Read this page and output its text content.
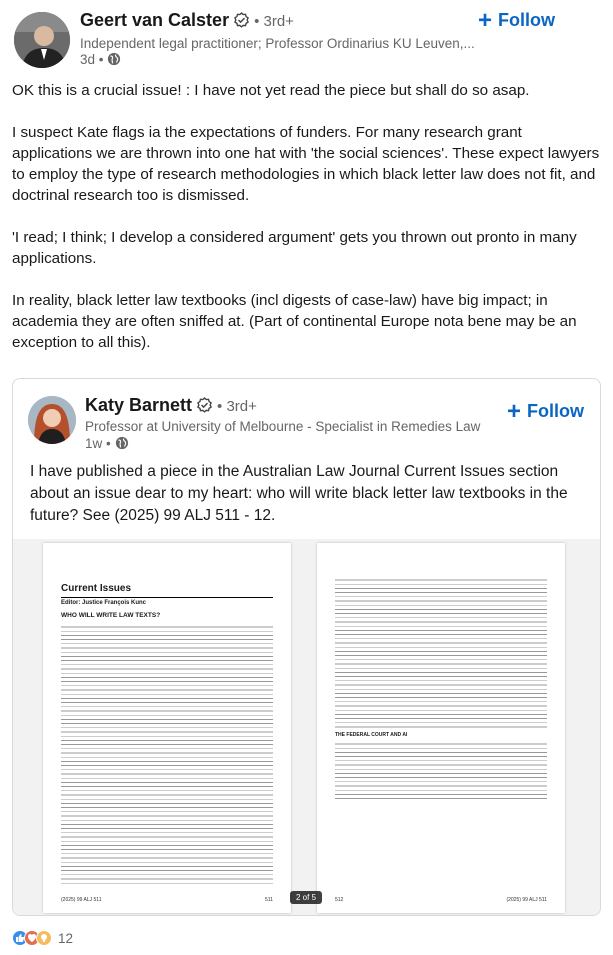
Geert van Calster • 3rd+
Independent legal practitioner; Professor Ordinarius KU Leuven,...
3d •
+ Follow

OK this is a crucial issue! : I have not yet read the piece but shall do so asap.

I suspect Kate flags ia the expectations of funders. For many research grant applications we are thrown into one hat with 'the social sciences'. These expect lawyers to employ the type of research methodologies in which black letter law does not fit, and doctrinal research too is dismissed.

'I read; I think; I develop a considered argument' gets you thrown out pronto in many applications.

In reality, black letter law textbooks (incl digests of case-law) have big impact; in academia they are often sniffed at. (Part of continental Europe nota bene may be an exception to all this).

Katy Barnett • 3rd+
Professor at University of Melbourne - Specialist in Remedies Law
1w •
+ Follow
I have published a piece in the Australian Law Journal Current Issues section about an issue dear to my heart: who will write black letter law textbooks in the future? See (2025) 99 ALJ 511 - 12.
Current Issues
Editor: Justice François Kunc
WHO WILL WRITE LAW TEXTS?
(2025) 99 ALJ 511	511

THE FEDERAL COURT AND AI
512	(2025) 99 ALJ 511
2 of 5
12
